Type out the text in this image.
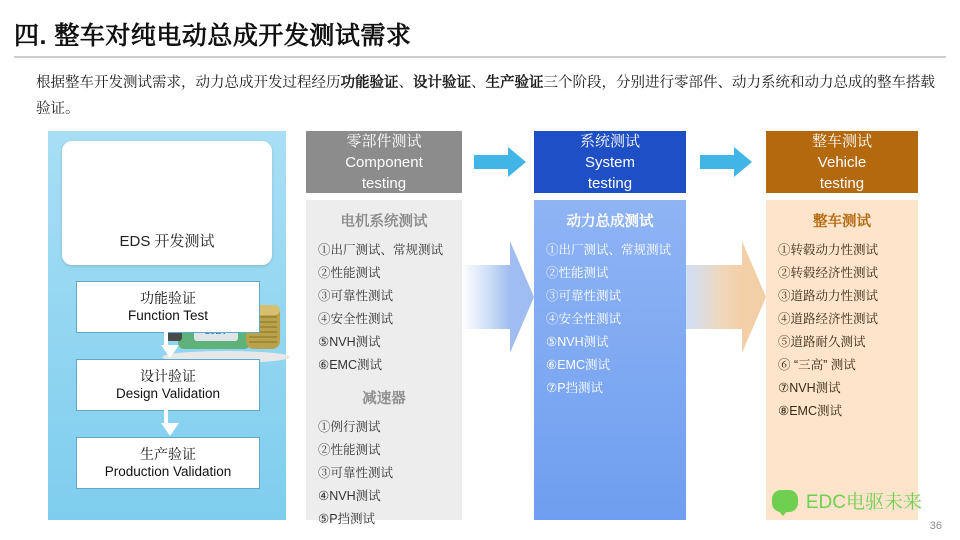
四. 整车对纯电动总成开发测试需求
根据整车开发测试需求，动力总成开发过程经历功能验证、设计验证、生产验证三个阶段，分别进行零部件、动力系统和动力总成的整车搭载验证。
EDS 开发测试
功能验证
Function Test
设计验证
Design Validation
生产验证
Production Validation
零部件测试
Component
testing
系统测试
System
testing
整车测试
Vehicle
testing
电机系统测试
①出厂测试、常规测试
②性能测试
③可靠性测试
④安全性测试
⑤NVH测试
⑥EMC测试
减速器
①例行测试
②性能测试
③可靠性测试
④NVH测试
⑤P挡测试
动力总成测试
①出厂测试、常规测试
②性能测试
③可靠性测试
④安全性测试
⑤NVH测试
⑥EMC测试
⑦P挡测试
整车测试
①转毂动力性测试
②转毂经济性测试
③道路动力性测试
④道路经济性测试
⑤道路耐久测试
⑥ “三高” 测试
⑦NVH测试
⑧EMC测试
EDC电驱未来
36
